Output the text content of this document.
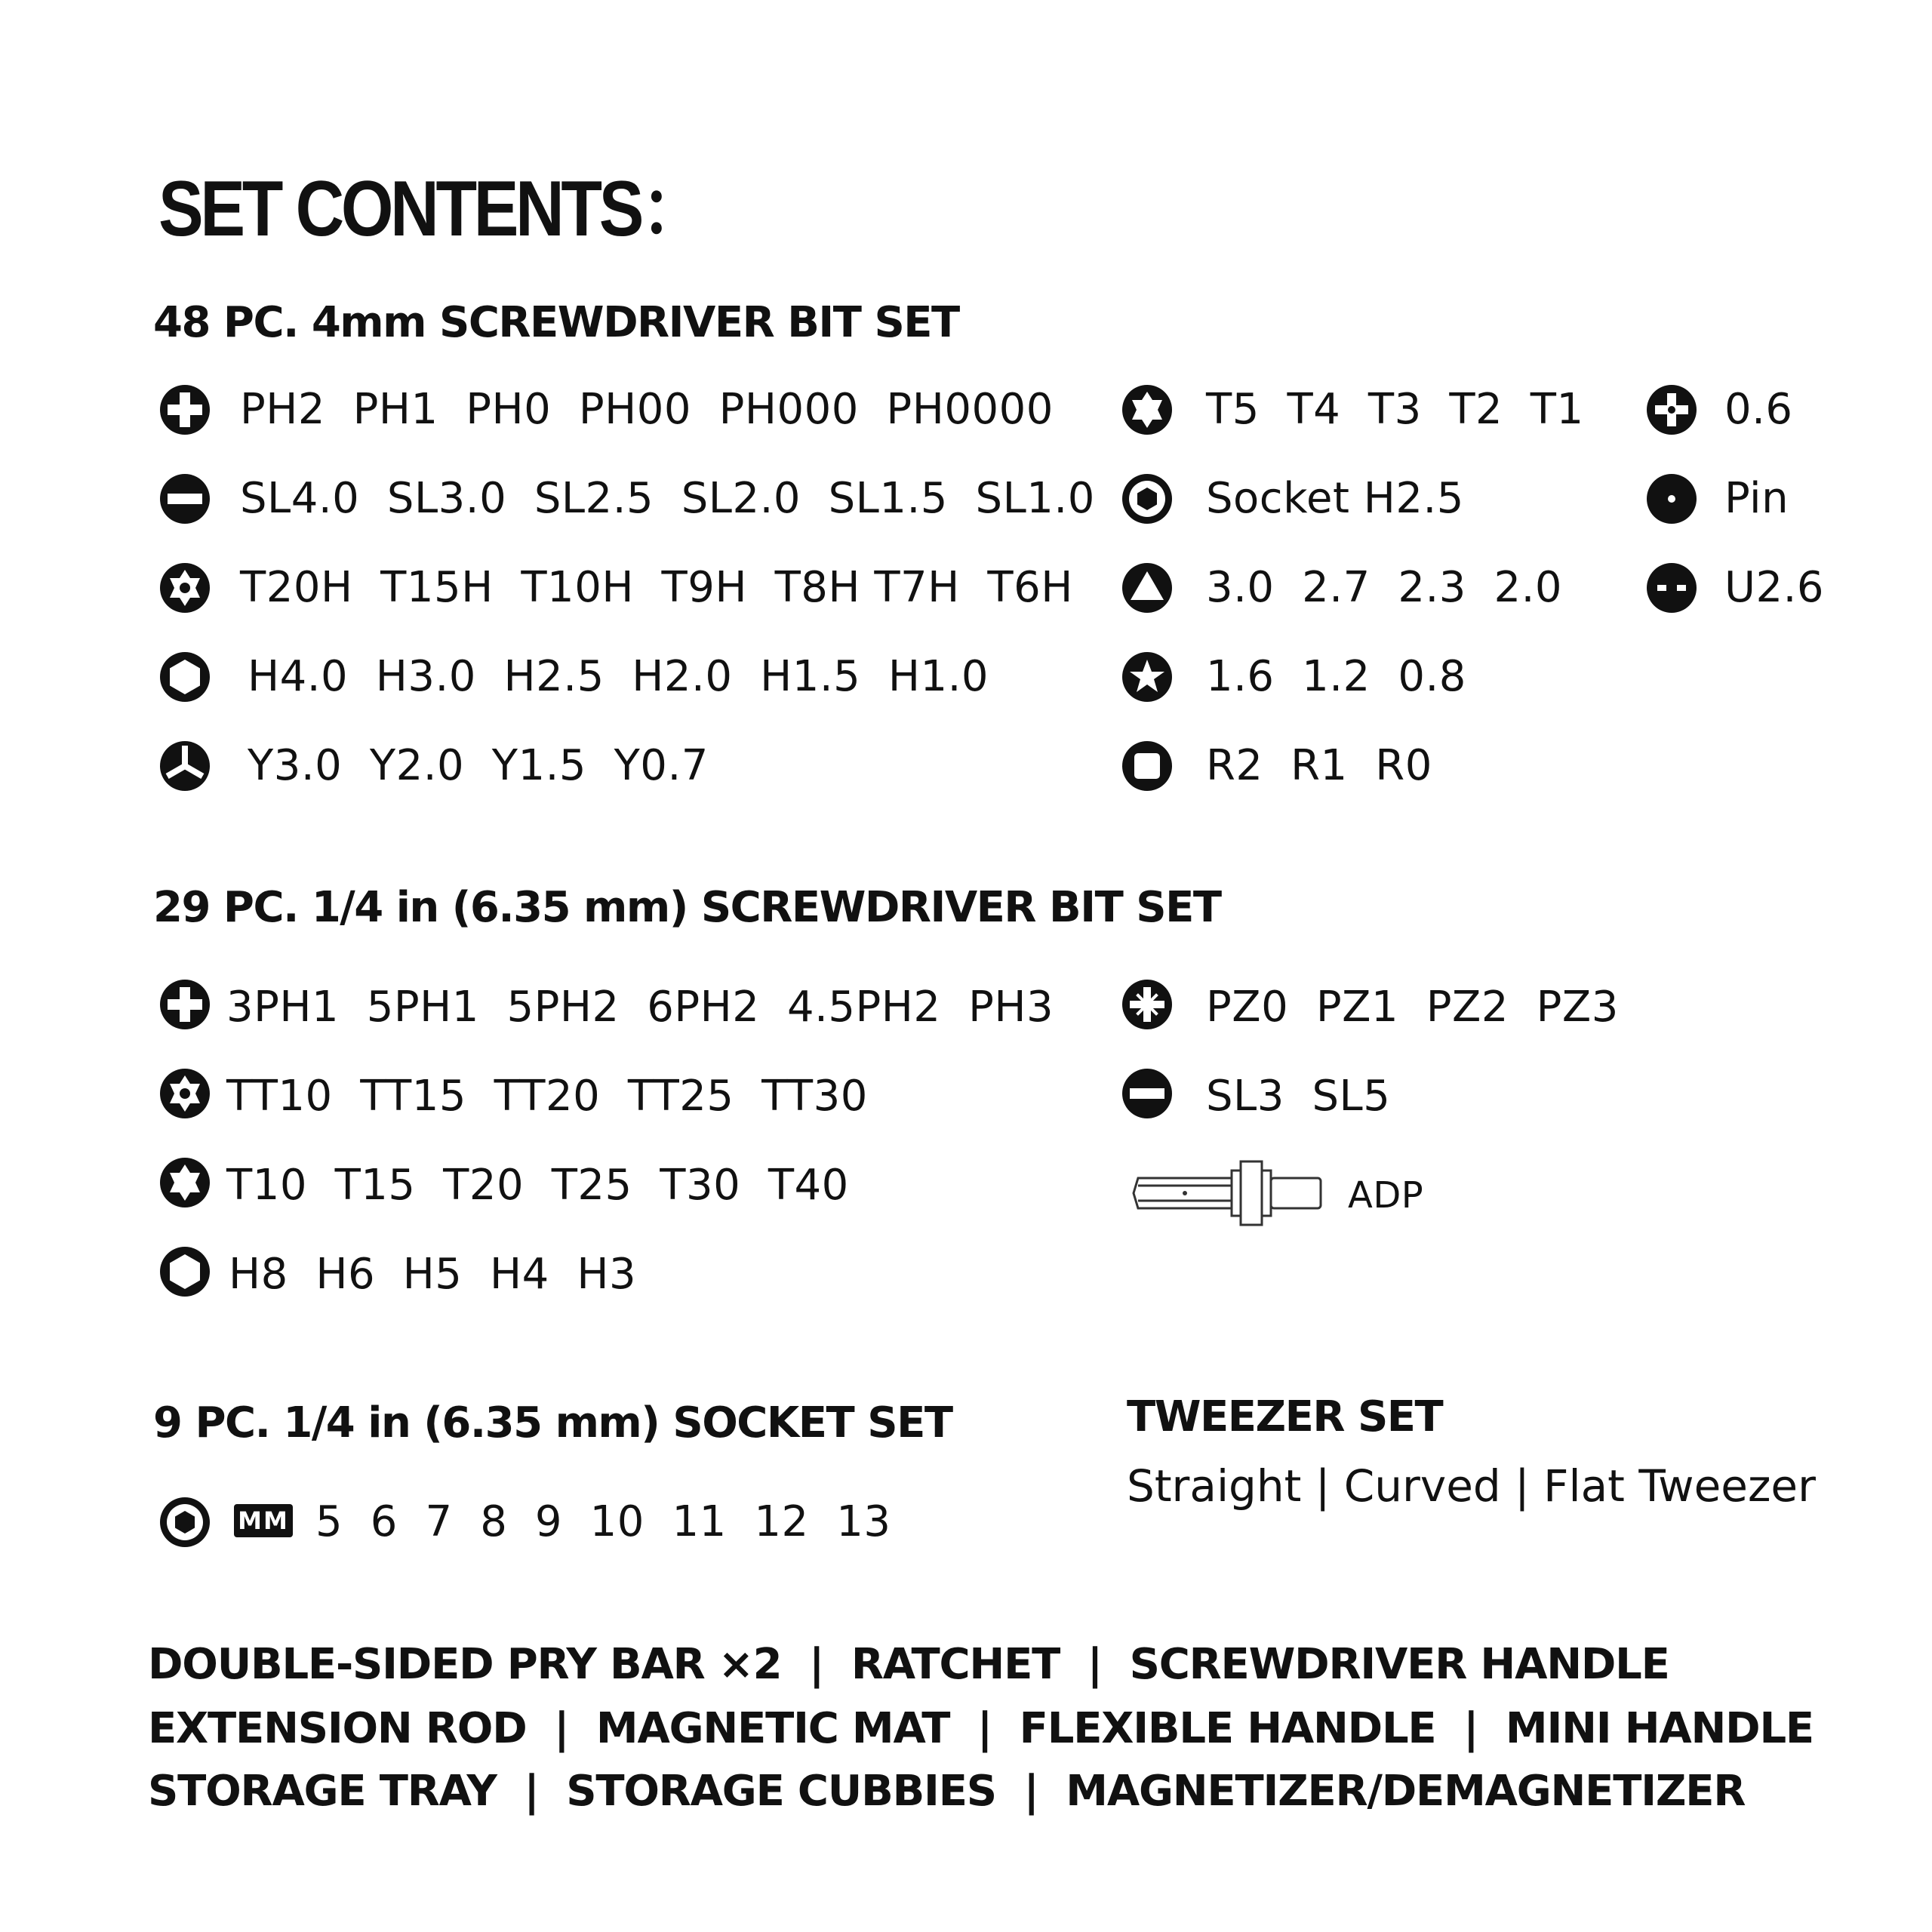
SET CONTENTS：
48 PC. 4mm SCREWDRIVER BIT SET
PH2  PH1  PH0  PH00  PH000  PH0000
SL4.0  SL3.0  SL2.5  SL2.0  SL1.5  SL1.0
T20H  T15H  T10H  T9H  T8H T7H  T6H
H4.0  H3.0  H2.5  H2.0  H1.5  H1.0
Y3.0  Y2.0  Y1.5  Y0.7
T5  T4  T3  T2  T1
Socket H2.5
3.0  2.7  2.3  2.0
1.6  1.2  0.8
R2  R1  R0
0.6
Pin
U2.6
29 PC. 1/4 in (6.35 mm) SCREWDRIVER BIT SET
3PH1  5PH1  5PH2  6PH2  4.5PH2  PH3
TT10  TT15  TT20  TT25  TT30
T10  T15  T20  T25  T30  T40
H8  H6  H5  H4  H3
PZ0  PZ1  PZ2  PZ3
SL3  SL5
ADP
9 PC. 1/4 in (6.35 mm) SOCKET SET
MM 5  6  7  8  9  10  11  12  13
TWEEZER SET
Straight | Curved | Flat Tweezer
DOUBLE-SIDED PRY BAR ×2  |  RATCHET  |  SCREWDRIVER HANDLE
EXTENSION ROD  |  MAGNETIC MAT  |  FLEXIBLE HANDLE  |  MINI HANDLE
STORAGE TRAY  |  STORAGE CUBBIES  |  MAGNETIZER/DEMAGNETIZER
